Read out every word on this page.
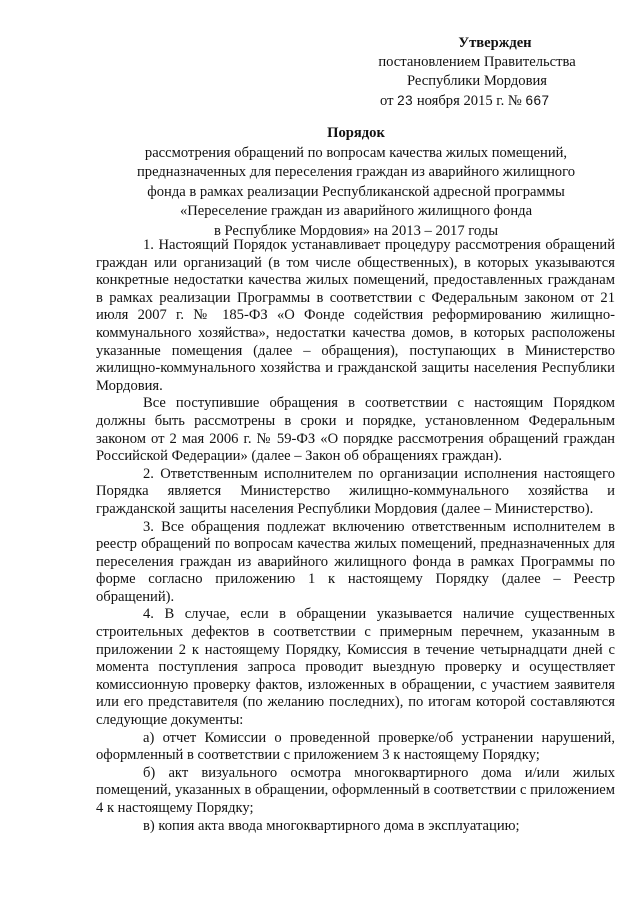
Утвержден
постановлением Правительства
Республики Мордовия
от 23 ноября 2015 г. № 667
Порядок
рассмотрения обращений по вопросам качества жилых помещений,
предназначенных для переселения граждан из аварийного жилищного
фонда в рамках реализации Республиканской адресной программы
«Переселение граждан из аварийного жилищного фонда
в Республике Мордовия» на 2013 – 2017 годы

1. Настоящий Порядок устанавливает процедуру рассмотрения обращений граждан или организаций (в том числе общественных), в которых указываются конкретные недостатки качества жилых помещений, предоставленных гражданам в рамках реализации Программы в соответствии с Федеральным законом от 21 июля 2007 г. № 185-ФЗ «О Фонде содействия реформированию жилищно-коммунального хозяйства», недостатки качества домов, в которых расположены указанные помещения (далее – обращения), поступающих в Министерство жилищно-коммунального хозяйства и гражданской защиты населения Республики Мордовия.

Все поступившие обращения в соответствии с настоящим Порядком должны быть рассмотрены в сроки и порядке, установленном Федеральным законом от 2 мая 2006 г. № 59-ФЗ «О порядке рассмотрения обращений граждан Российской Федерации» (далее – Закон об обращениях граждан).

2. Ответственным исполнителем по организации исполнения настоящего Порядка является Министерство жилищно-коммунального хозяйства и гражданской защиты населения Республики Мордовия (далее – Министерство).

3. Все обращения подлежат включению ответственным исполнителем в реестр обращений по вопросам качества жилых помещений, предназначенных для переселения граждан из аварийного жилищного фонда в рамках Программы по форме согласно приложению 1 к настоящему Порядку (далее – Реестр обращений).

4. В случае, если в обращении указывается наличие существенных строительных дефектов в соответствии с примерным перечнем, указанным в приложении 2 к настоящему Порядку, Комиссия в течение четырнадцати дней с момента поступления запроса проводит выездную проверку и осуществляет комиссионную проверку фактов, изложенных в обращении, с участием заявителя или его представителя (по желанию последних), по итогам которой составляются следующие документы:

а) отчет Комиссии о проведенной проверке/об устранении нарушений, оформленный в соответствии с приложением 3 к настоящему Порядку;

б) акт визуального осмотра многоквартирного дома и/или жилых помещений, указанных в обращении, оформленный в соответствии с приложением 4 к настоящему Порядку;

в) копия акта ввода многоквартирного дома в эксплуатацию;
